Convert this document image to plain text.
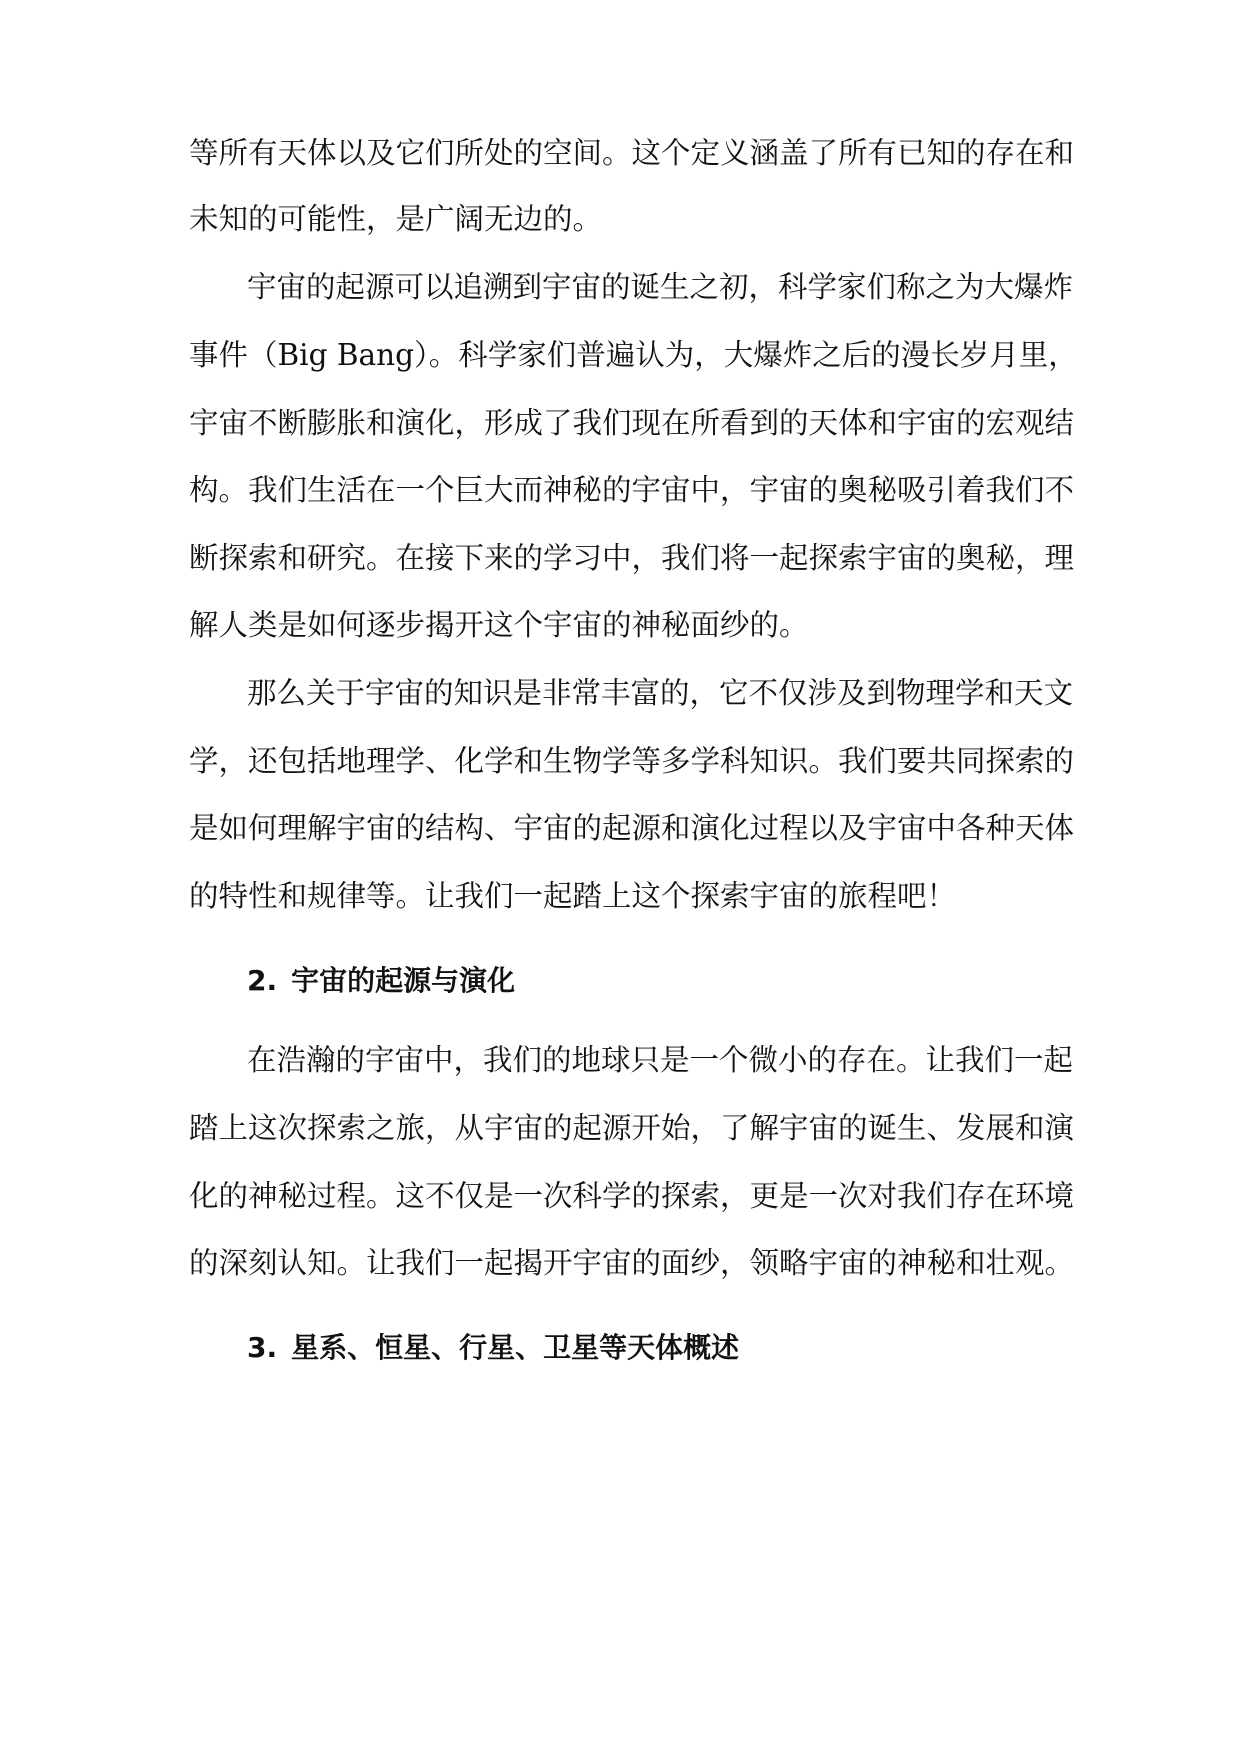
等所有天体以及它们所处的空间。这个定义涵盖了所有已知的存在和
未知的可能性，是广阔无边的。
宇宙的起源可以追溯到宇宙的诞生之初，科学家们称之为大爆炸
事件（Big Bang）。科学家们普遍认为，大爆炸之后的漫长岁月里，
宇宙不断膨胀和演化，形成了我们现在所看到的天体和宇宙的宏观结
构。我们生活在一个巨大而神秘的宇宙中，宇宙的奥秘吸引着我们不
断探索和研究。在接下来的学习中，我们将一起探索宇宙的奥秘，理
解人类是如何逐步揭开这个宇宙的神秘面纱的。
那么关于宇宙的知识是非常丰富的，它不仅涉及到物理学和天文
学，还包括地理学、化学和生物学等多学科知识。我们要共同探索的
是如何理解宇宙的结构、宇宙的起源和演化过程以及宇宙中各种天体
的特性和规律等。让我们一起踏上这个探索宇宙的旅程吧！
2. 宇宙的起源与演化
在浩瀚的宇宙中，我们的地球只是一个微小的存在。让我们一起
踏上这次探索之旅，从宇宙的起源开始，了解宇宙的诞生、发展和演
化的神秘过程。这不仅是一次科学的探索，更是一次对我们存在环境
的深刻认知。让我们一起揭开宇宙的面纱，领略宇宙的神秘和壮观。
3. 星系、恒星、行星、卫星等天体概述
